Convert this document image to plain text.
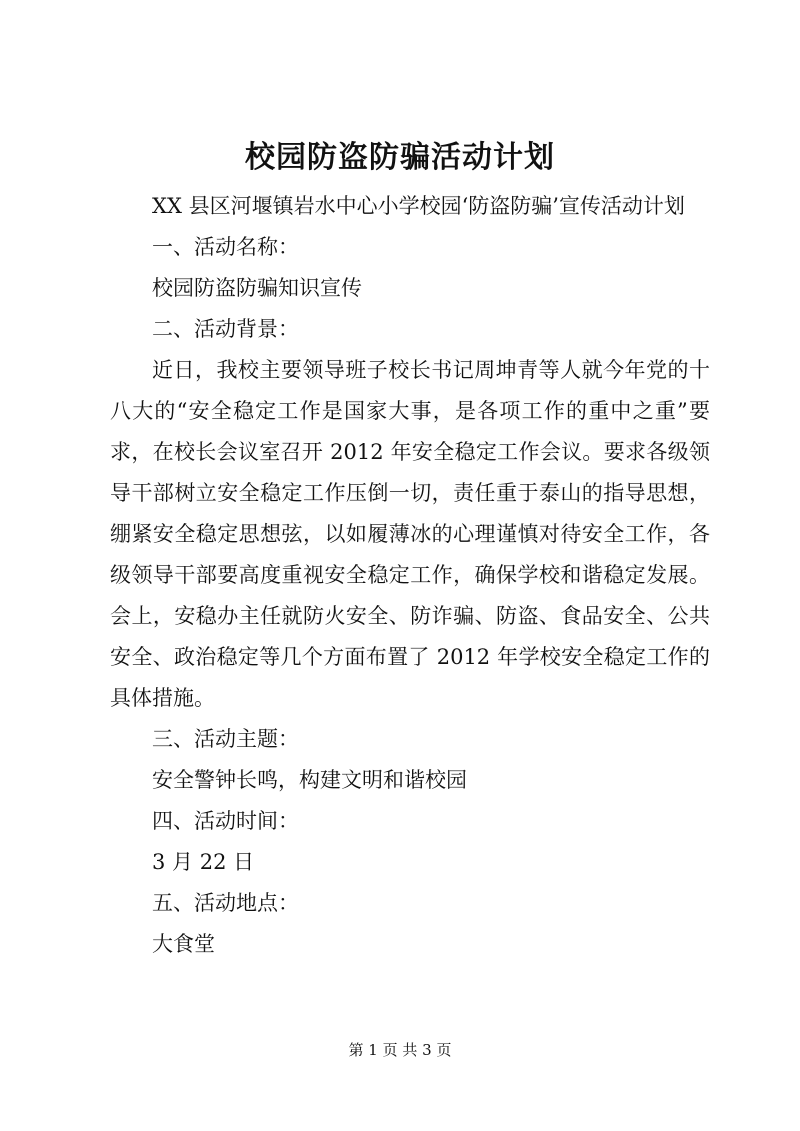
校园防盗防骗活动计划

XX 县区河堰镇岩水中心小学校园‘防盗防骗’宣传活动计划

一、活动名称：

校园防盗防骗知识宣传

二、活动背景：

近日，我校主要领导班子校长书记周坤青等人就今年党的十八大的“安全稳定工作是国家大事，是各项工作的重中之重”要求，在校长会议室召开 2012 年安全稳定工作会议。要求各级领导干部树立安全稳定工作压倒一切，责任重于泰山的指导思想，绷紧安全稳定思想弦，以如履薄冰的心理谨慎对待安全工作，各级领导干部要高度重视安全稳定工作，确保学校和谐稳定发展。会上，安稳办主任就防火安全、防诈骗、防盗、食品安全、公共安全、政治稳定等几个方面布置了 2012 年学校安全稳定工作的具体措施。

三、活动主题：

安全警钟长鸣，构建文明和谐校园

四、活动时间：

3 月 22 日

五、活动地点：

大食堂

第 1 页 共 3 页
